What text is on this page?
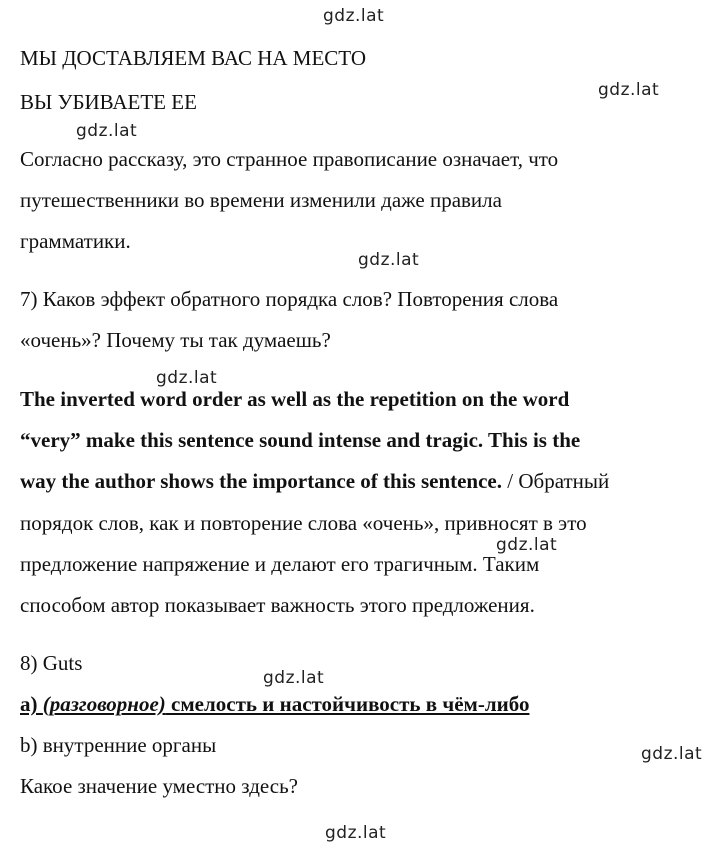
gdz.lat
gdz.lat
gdz.lat
gdz.lat
gdz.lat
gdz.lat
gdz.lat
gdz.lat
gdz.lat
МЫ ДОСТАВЛЯЕМ ВАС НА МЕСТО
ВЫ УБИВАЕТЕ ЕЕ
Согласно рассказу, это странное правописание означает, что
путешественники во времени изменили даже правила
грамматики.
7) Каков эффект обратного порядка слов? Повторения слова
«очень»? Почему ты так думаешь?
The inverted word order as well as the repetition on the word
“very” make this sentence sound intense and tragic. This is the
way the author shows the importance of this sentence. / Обратный
порядок слов, как и повторение слова «очень», привносят в это
предложение напряжение и делают его трагичным. Таким
способом автор показывает важность этого предложения.
8) Guts
а) (разговорное) смелость и настойчивость в чём-либо
b) внутренние органы
Какое значение уместно здесь?
